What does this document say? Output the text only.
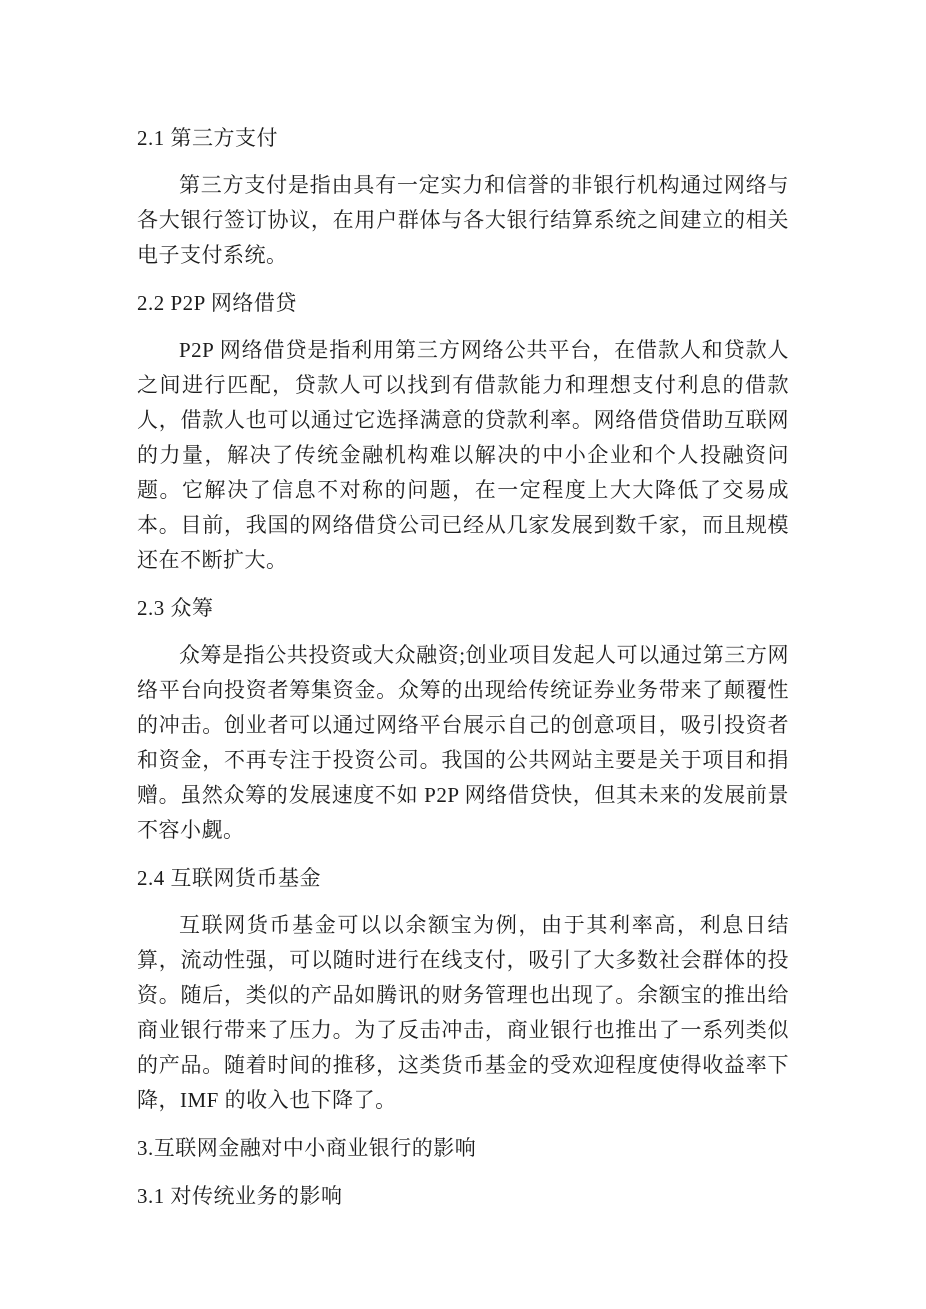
2.1 第三方支付

第三方支付是指由具有一定实力和信誉的非银行机构通过网络与各大银行签订协议，在用户群体与各大银行结算系统之间建立的相关电子支付系统。

2.2 P2P 网络借贷

P2P 网络借贷是指利用第三方网络公共平台，在借款人和贷款人之间进行匹配，贷款人可以找到有借款能力和理想支付利息的借款人，借款人也可以通过它选择满意的贷款利率。网络借贷借助互联网的力量，解决了传统金融机构难以解决的中小企业和个人投融资问题。它解决了信息不对称的问题，在一定程度上大大降低了交易成本。目前，我国的网络借贷公司已经从几家发展到数千家，而且规模还在不断扩大。

2.3 众筹

众筹是指公共投资或大众融资;创业项目发起人可以通过第三方网络平台向投资者筹集资金。众筹的出现给传统证券业务带来了颠覆性的冲击。创业者可以通过网络平台展示自己的创意项目，吸引投资者和资金，不再专注于投资公司。我国的公共网站主要是关于项目和捐赠。虽然众筹的发展速度不如 P2P 网络借贷快，但其未来的发展前景不容小觑。

2.4 互联网货币基金

互联网货币基金可以以余额宝为例，由于其利率高，利息日结算，流动性强，可以随时进行在线支付，吸引了大多数社会群体的投资。随后，类似的产品如腾讯的财务管理也出现了。余额宝的推出给商业银行带来了压力。为了反击冲击，商业银行也推出了一系列类似的产品。随着时间的推移，这类货币基金的受欢迎程度使得收益率下降，IMF 的收入也下降了。

3.互联网金融对中小商业银行的影响
3.1 对传统业务的影响
